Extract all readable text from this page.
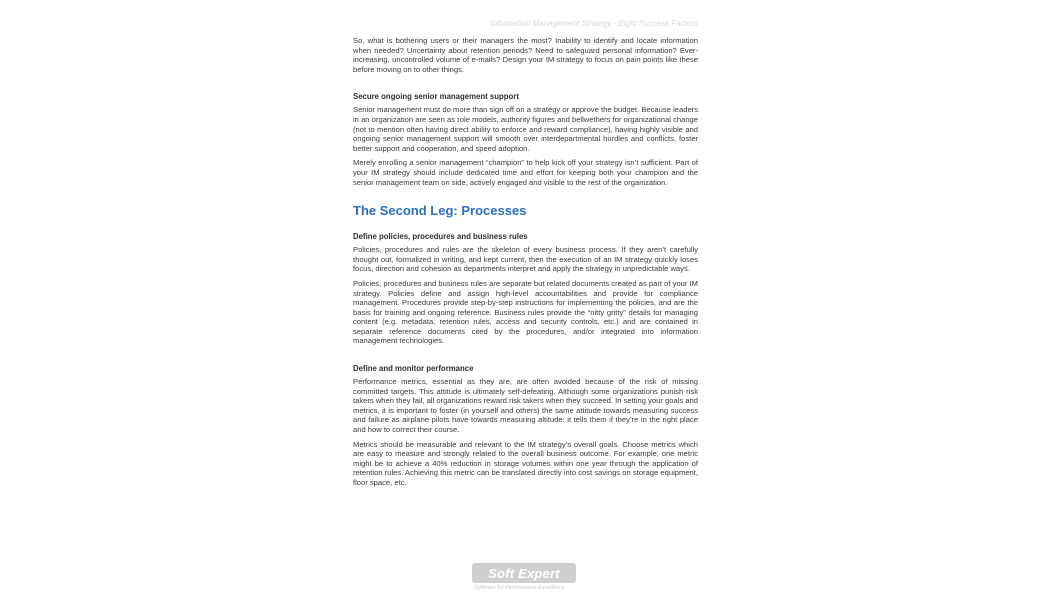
Information Management Strategy - Eight Success Factors

So, what is bothering users or their managers the most? Inability to identify and locate information when needed? Uncertainty about retention periods? Need to safeguard personal information? Ever-increasing, uncontrolled volume of e-mails? Design your IM strategy to focus on pain points like these before moving on to other things.

Secure ongoing senior management support

Senior management must do more than sign off on a strategy or approve the budget. Because leaders in an organization are seen as role models, authority figures and bellwethers for organizational change (not to mention often having direct ability to enforce and reward compliance), having highly visible and ongoing senior management support will smooth over interdepartmental hurdles and conflicts, foster better support and cooperation, and speed adoption.

Merely enrolling a senior management “champion” to help kick off your strategy isn’t sufficient. Part of your IM strategy should include dedicated time and effort for keeping both your champion and the senior management team on side, actively engaged and visible to the rest of the organization.

The Second Leg: Processes
Define policies, procedures and business rules

Policies, procedures and rules are the skeleton of every business process. If they aren’t carefully thought out, formalized in writing, and kept current, then the execution of an IM strategy quickly loses focus, direction and cohesion as departments interpret and apply the strategy in unpredictable ways.

Policies, procedures and business rules are separate but related documents created as part of your IM strategy. Policies define and assign high-level accountabilities and provide for compliance management. Procedures provide step-by-step instructions for implementing the policies, and are the basis for training and ongoing reference. Business rules provide the “nitty gritty” details for managing content (e.g. metadata, retention rules, access and security controls, etc.) and are contained in separate reference documents cited by the procedures, and/or integrated into information management technologies.

Define and monitor performance

Performance metrics, essential as they are, are often avoided because of the risk of missing committed targets. This attitude is ultimately self-defeating. Although some organizations punish risk takers when they fail, all organizations reward risk takers when they succeed. In setting your goals and metrics, it is important to foster (in yourself and others) the same attitude towards measuring success and failure as airplane pilots have towards measuring altitude: it tells them if they’re in the right place and how to correct their course.

Metrics should be measurable and relevant to the IM strategy’s overall goals. Choose metrics which are easy to measure and strongly related to the overall business outcome. For example, one metric might be to achieve a 40% reduction in storage volumes within one year through the application of retention rules. Achieving this metric can be translated directly into cost savings on storage equipment, floor space, etc.

Soft Expert
Software for Performance Excellence
